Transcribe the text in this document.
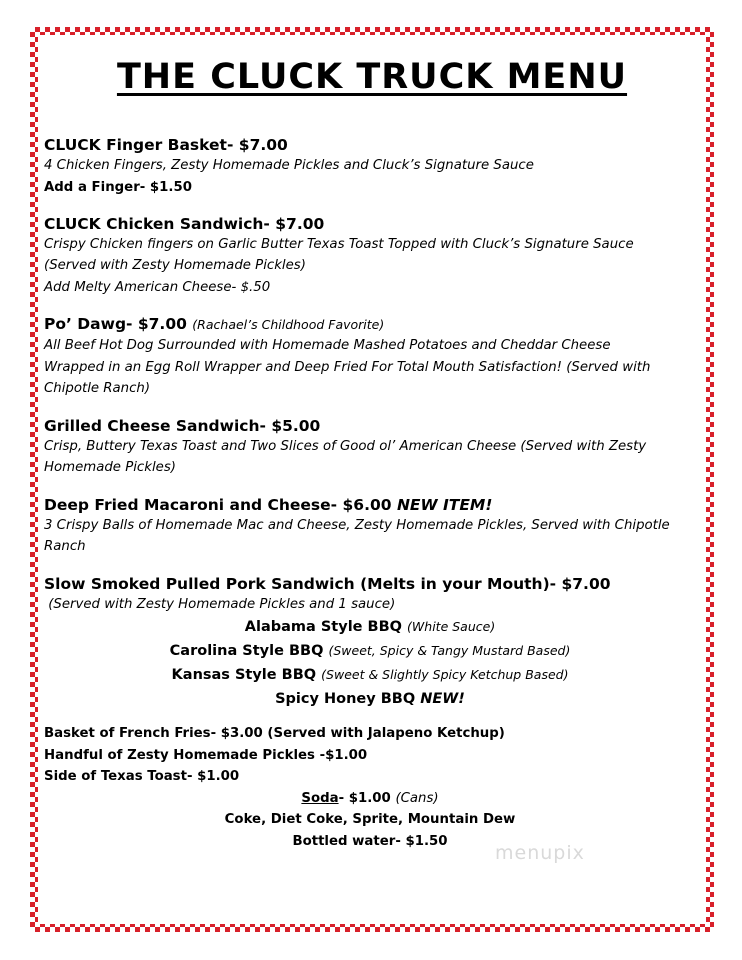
THE CLUCK TRUCK MENU
CLUCK Finger Basket- $7.00
4 Chicken Fingers, Zesty Homemade Pickles and Cluck’s Signature Sauce
Add a Finger- $1.50
CLUCK Chicken Sandwich- $7.00
Crispy Chicken fingers on Garlic Butter Texas Toast Topped with Cluck’s Signature Sauce
(Served with Zesty Homemade Pickles)
Add Melty American Cheese- $.50
Po’ Dawg- $7.00 (Rachael’s Childhood Favorite)
All Beef Hot Dog Surrounded with Homemade Mashed Potatoes and Cheddar Cheese
Wrapped in an Egg Roll Wrapper and Deep Fried For Total Mouth Satisfaction! (Served with
Chipotle Ranch)
Grilled Cheese Sandwich- $5.00
Crisp, Buttery Texas Toast and Two Slices of Good ol’ American Cheese (Served with Zesty
Homemade Pickles)
Deep Fried Macaroni and Cheese- $6.00 NEW ITEM!
3 Crispy Balls of Homemade Mac and Cheese, Zesty Homemade Pickles, Served with Chipotle
Ranch
Slow Smoked Pulled Pork Sandwich (Melts in your Mouth)- $7.00
(Served with Zesty Homemade Pickles and 1 sauce)
Alabama Style BBQ (White Sauce)
Carolina Style BBQ (Sweet, Spicy & Tangy Mustard Based)
Kansas Style BBQ (Sweet & Slightly Spicy Ketchup Based)
Spicy Honey BBQ NEW!
Basket of French Fries- $3.00 (Served with Jalapeno Ketchup)
Handful of Zesty Homemade Pickles -$1.00
Side of Texas Toast- $1.00
Soda- $1.00 (Cans)
Coke, Diet Coke, Sprite, Mountain Dew
Bottled water- $1.50
menupix
